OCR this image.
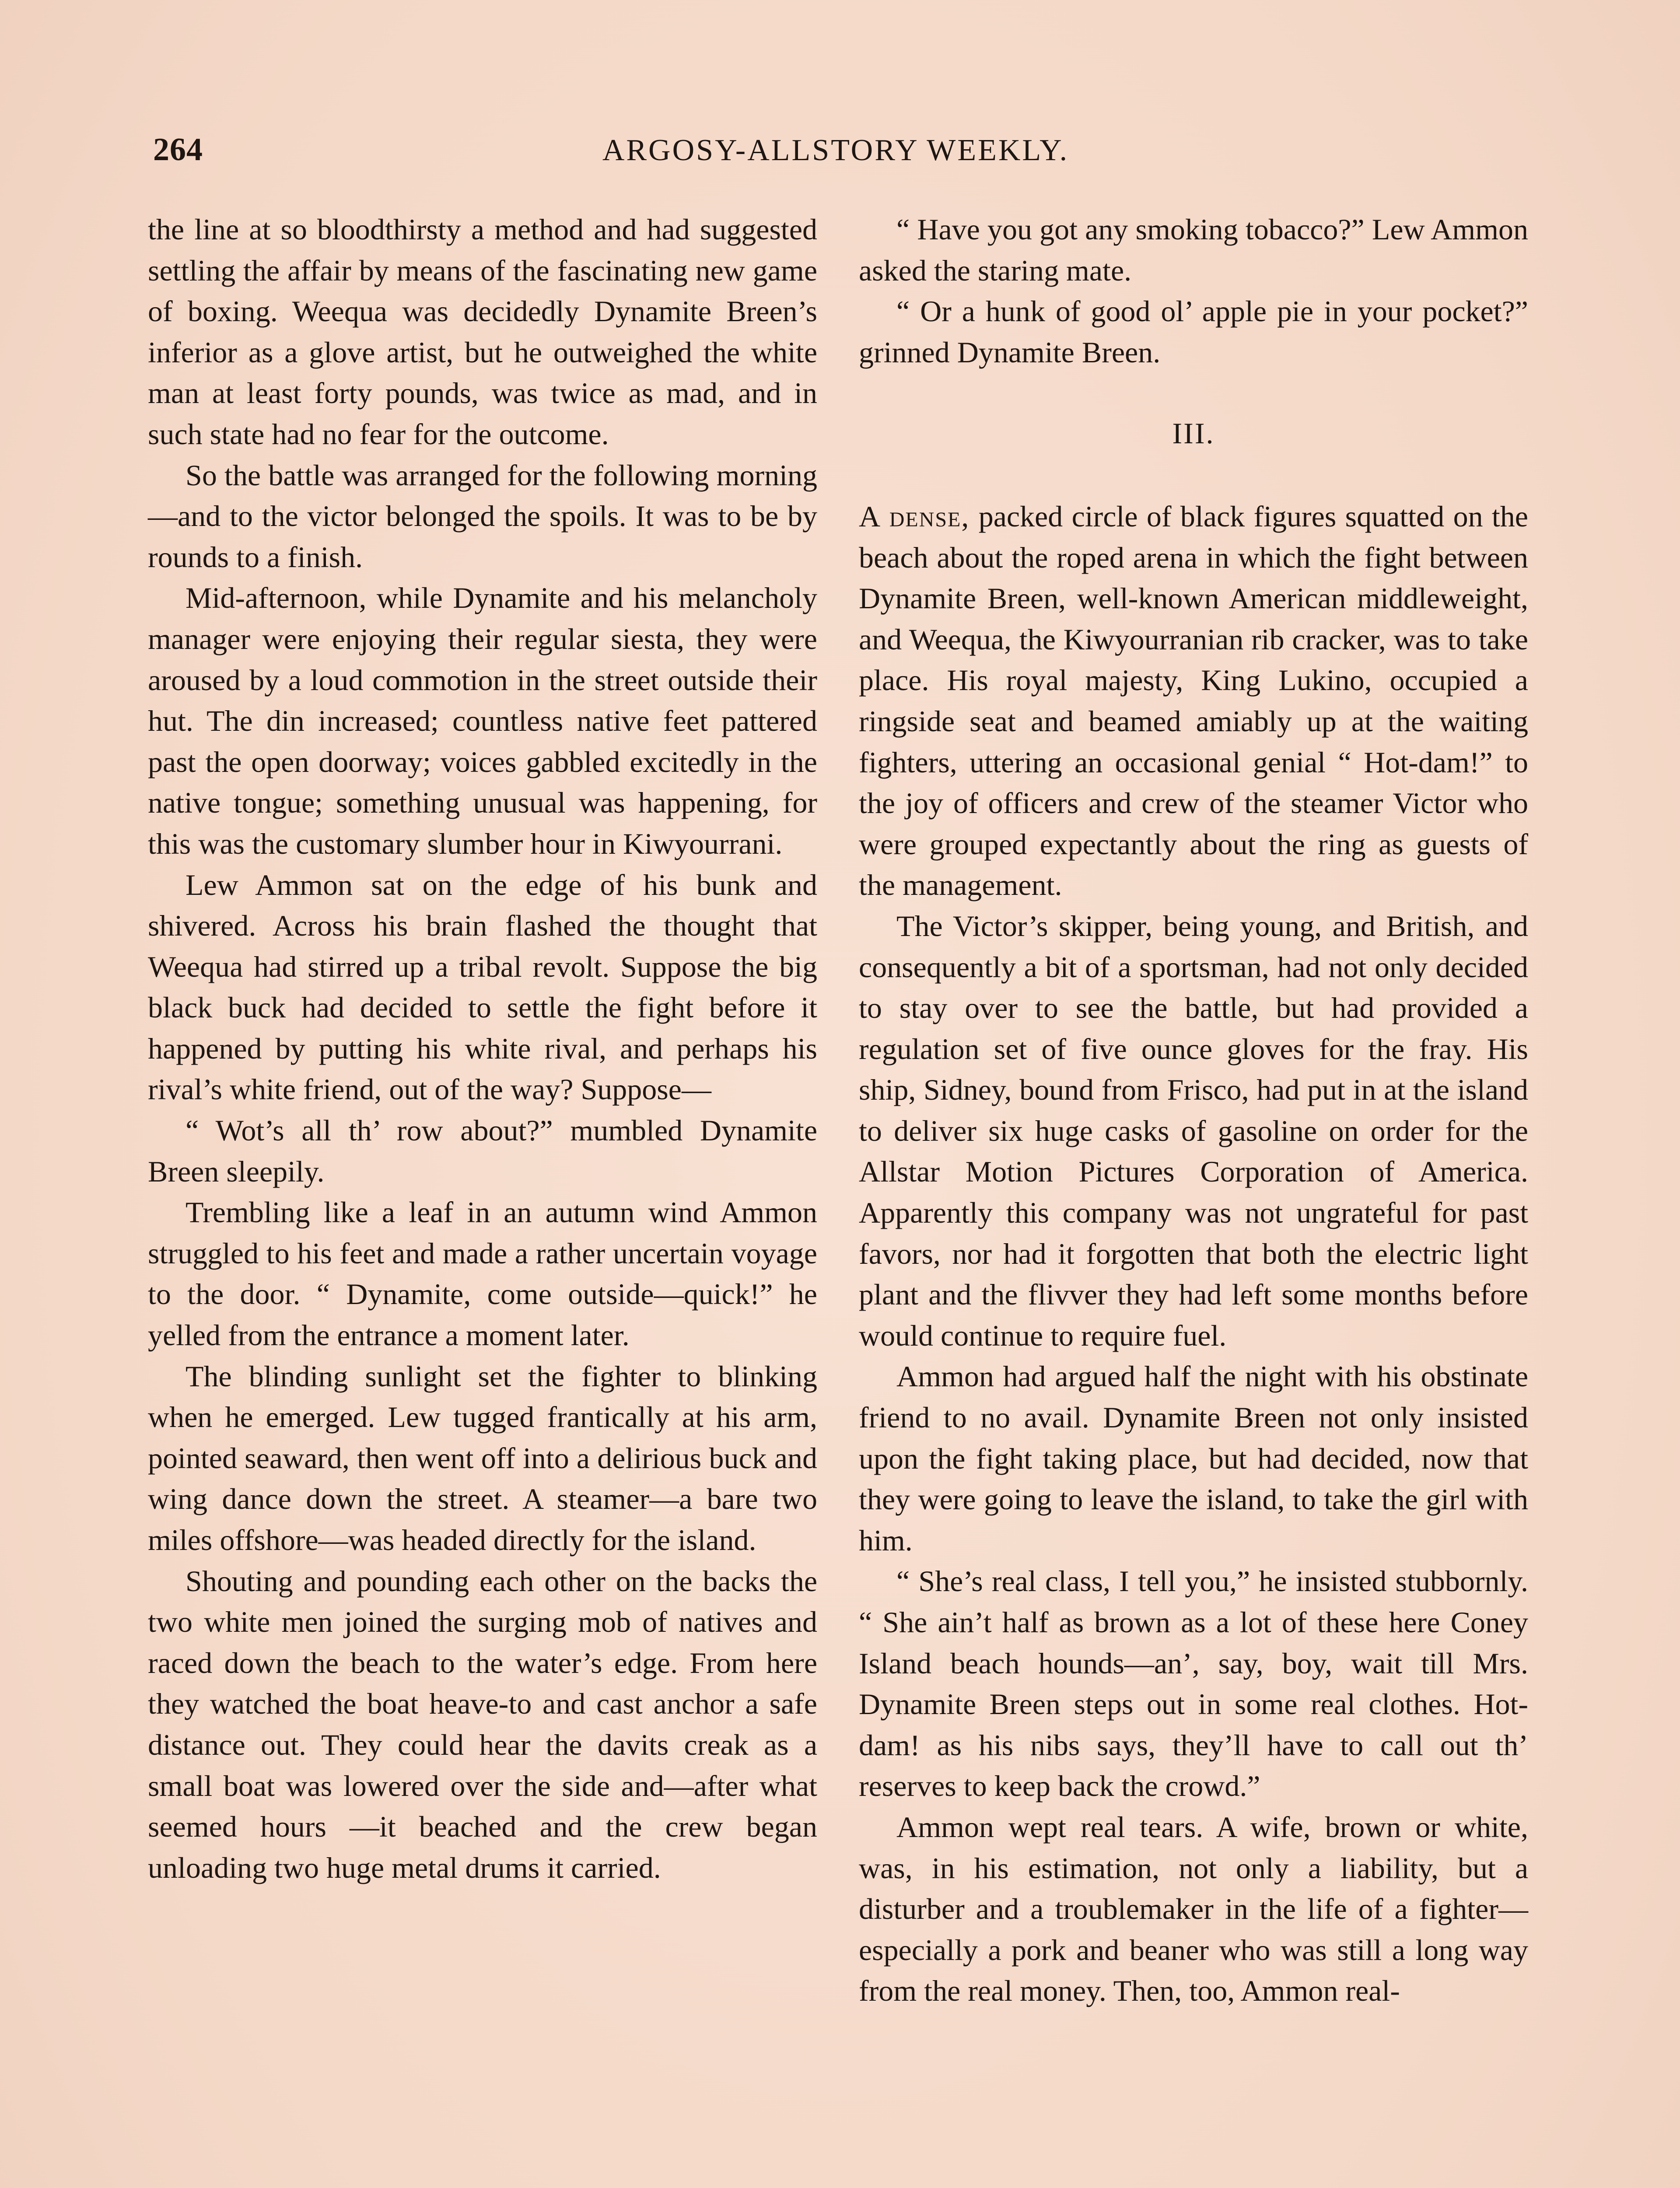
264	ARGOSY-ALLSTORY WEEKLY.

the line at so bloodthirsty a method and had suggested settling the affair by means of the fascinating new game of boxing. Weequa was decidedly Dynamite Breen’s inferior as a glove artist, but he outweighed the white man at least forty pounds, was twice as mad, and in such state had no fear for the outcome.

So the battle was arranged for the following morning—and to the victor belonged the spoils. It was to be by rounds to a finish.

Mid-afternoon, while Dynamite and his melancholy manager were enjoying their regular siesta, they were aroused by a loud commotion in the street outside their hut. The din increased; countless native feet pattered past the open doorway; voices gabbled excitedly in the native tongue; something unusual was happening, for this was the customary slumber hour in Kiwyourrani.

Lew Ammon sat on the edge of his bunk and shivered. Across his brain flashed the thought that Weequa had stirred up a tribal revolt. Suppose the big black buck had decided to settle the fight before it happened by putting his white rival, and perhaps his rival’s white friend, out of the way? Suppose—

“ Wot’s all th’ row about?” mumbled Dynamite Breen sleepily.

Trembling like a leaf in an autumn wind Ammon struggled to his feet and made a rather uncertain voyage to the door. “ Dynamite, come outside—quick!” he yelled from the entrance a moment later.

The blinding sunlight set the fighter to blinking when he emerged. Lew tugged frantically at his arm, pointed seaward, then went off into a delirious buck and wing dance down the street. A steamer—a bare two miles offshore—was headed directly for the island.

Shouting and pounding each other on the backs the two white men joined the surging mob of natives and raced down the beach to the water’s edge. From here they watched the boat heave-to and cast anchor a safe distance out. They could hear the davits creak as a small boat was lowered over the side and—after what seemed hours —it beached and the crew began unloading two huge metal drums it carried.

“ Have you got any smoking tobacco?” Lew Ammon asked the staring mate.

“ Or a hunk of good ol’ apple pie in your pocket?” grinned Dynamite Breen.

III.

A dense, packed circle of black figures squatted on the beach about the roped arena in which the fight between Dynamite Breen, well-known American middleweight, and Weequa, the Kiwyourranian rib cracker, was to take place. His royal majesty, King Lukino, occupied a ringside seat and beamed amiably up at the waiting fighters, uttering an occasional genial “ Hot-dam!” to the joy of officers and crew of the steamer Victor who were grouped expectantly about the ring as guests of the management.

The Victor’s skipper, being young, and British, and consequently a bit of a sportsman, had not only decided to stay over to see the battle, but had provided a regulation set of five ounce gloves for the fray. His ship, Sidney, bound from Frisco, had put in at the island to deliver six huge casks of gasoline on order for the Allstar Motion Pictures Corporation of America. Apparently this company was not ungrateful for past favors, nor had it forgotten that both the electric light plant and the flivver they had left some months before would continue to require fuel.

Ammon had argued half the night with his obstinate friend to no avail. Dynamite Breen not only insisted upon the fight taking place, but had decided, now that they were going to leave the island, to take the girl with him.

“ She’s real class, I tell you,” he insisted stubbornly. “ She ain’t half as brown as a lot of these here Coney Island beach hounds—an’, say, boy, wait till Mrs. Dynamite Breen steps out in some real clothes. Hot-dam! as his nibs says, they’ll have to call out th’ reserves to keep back the crowd.”

Ammon wept real tears. A wife, brown or white, was, in his estimation, not only a liability, but a disturber and a troublemaker in the life of a fighter—especially a pork and beaner who was still a long way from the real money. Then, too, Ammon real-
